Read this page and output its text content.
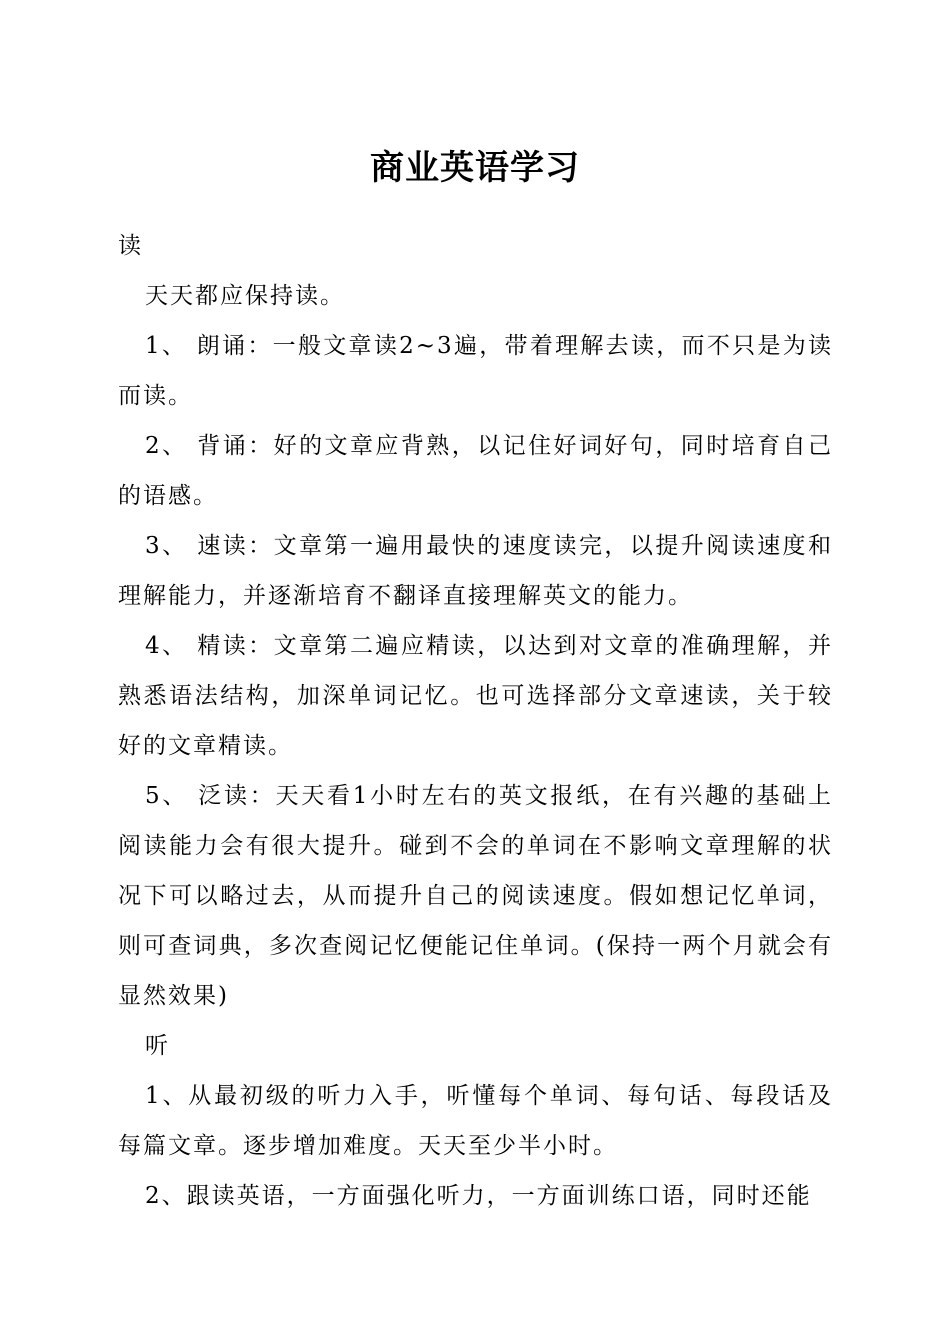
商业英语学习

读

天天都应保持读。

1、 朗诵：一般文章读2~3遍，带着理解去读，而不只是为读而读。

2、 背诵：好的文章应背熟，以记住好词好句，同时培育自己的语感。

3、 速读：文章第一遍用最快的速度读完，以提升阅读速度和理解能力，并逐渐培育不翻译直接理解英文的能力。

4、 精读：文章第二遍应精读，以达到对文章的准确理解，并熟悉语法结构，加深单词记忆。也可选择部分文章速读，关于较好的文章精读。

5、 泛读：天天看1小时左右的英文报纸，在有兴趣的基础上阅读能力会有很大提升。碰到不会的单词在不影响文章理解的状况下可以略过去，从而提升自己的阅读速度。假如想记忆单词，则可查词典，多次查阅记忆便能记住单词。(保持一两个月就会有显然效果)

听

1、从最初级的听力入手，听懂每个单词、每句话、每段话及每篇文章。逐步增加难度。天天至少半小时。

2、跟读英语，一方面强化听力，一方面训练口语，同时还能
